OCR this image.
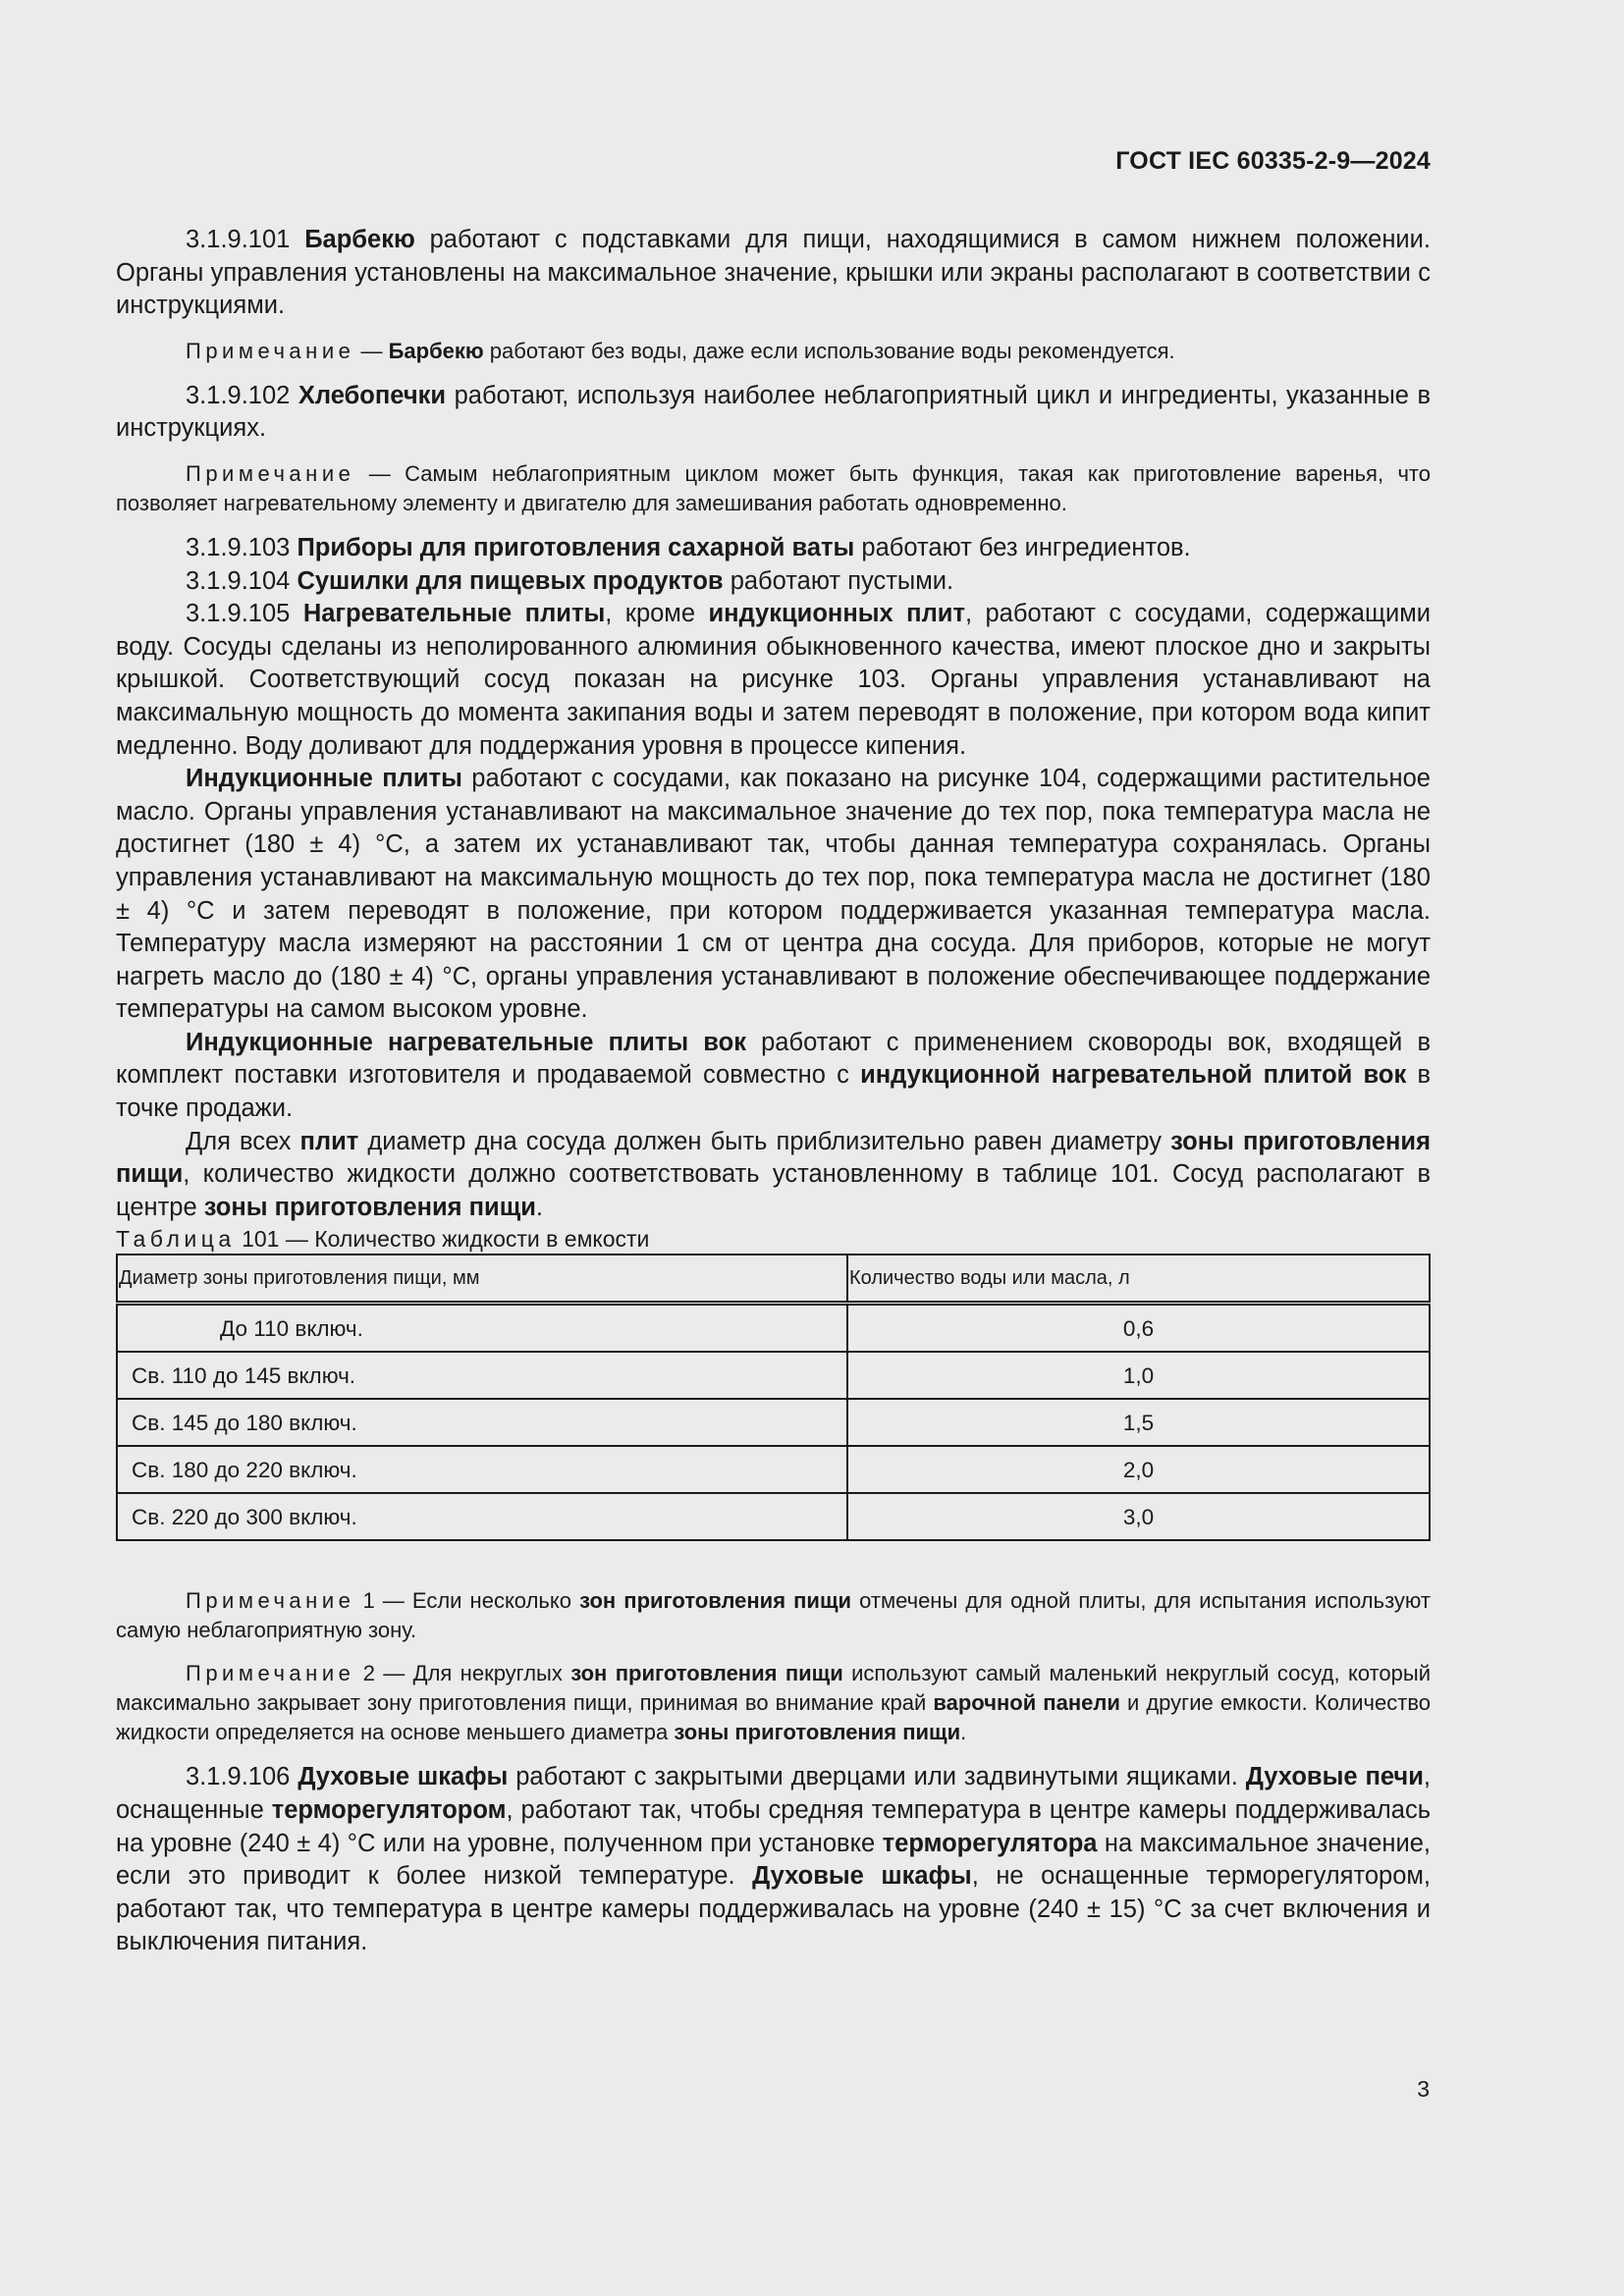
ГОСТ IEC 60335-2-9—2024

3.1.9.101 Барбекю работают с подставками для пищи, находящимися в самом нижнем положении. Органы управления установлены на максимальное значение, крышки или экраны располагают в соответствии с инструкциями.

Примечание — Барбекю работают без воды, даже если использование воды рекомендуется.

3.1.9.102 Хлебопечки работают, используя наиболее неблагоприятный цикл и ингредиенты, указанные в инструкциях.

Примечание — Самым неблагоприятным циклом может быть функция, такая как приготовление варенья, что позволяет нагревательному элементу и двигателю для замешивания работать одновременно.

3.1.9.103 Приборы для приготовления сахарной ваты работают без ингредиентов.

3.1.9.104 Сушилки для пищевых продуктов работают пустыми.

3.1.9.105 Нагревательные плиты, кроме индукционных плит, работают с сосудами, содержащими воду. Сосуды сделаны из неполированного алюминия обыкновенного качества, имеют плоское дно и закрыты крышкой. Соответствующий сосуд показан на рисунке 103. Органы управления устанавливают на максимальную мощность до момента закипания воды и затем переводят в положение, при котором вода кипит медленно. Воду доливают для поддержания уровня в процессе кипения.

Индукционные плиты работают с сосудами, как показано на рисунке 104, содержащими растительное масло. Органы управления устанавливают на максимальное значение до тех пор, пока температура масла не достигнет (180 ± 4) °С, а затем их устанавливают так, чтобы данная температура сохранялась. Органы управления устанавливают на максимальную мощность до тех пор, пока температура масла не достигнет (180 ± 4) °С и затем переводят в положение, при котором поддерживается указанная температура масла. Температуру масла измеряют на расстоянии 1 см от центра дна сосуда. Для приборов, которые не могут нагреть масло до (180 ± 4) °С, органы управления устанавливают в положение обеспечивающее поддержание температуры на самом высоком уровне.

Индукционные нагревательные плиты вок работают с применением сковороды вок, входящей в комплект поставки изготовителя и продаваемой совместно с индукционной нагревательной плитой вок в точке продажи.

Для всех плит диаметр дна сосуда должен быть приблизительно равен диаметру зоны приготовления пищи, количество жидкости должно соответствовать установленному в таблице 101. Сосуд располагают в центре зоны приготовления пищи.

Таблица 101 — Количество жидкости в емкости

Диаметр зоны приготовления пищи, мм	Количество воды или масла, л
До 110 включ.	0,6
Св. 110 до 145 включ.	1,0
Св. 145 до 180 включ.	1,5
Св. 180 до 220 включ.	2,0
Св. 220 до 300 включ.	3,0

Примечание 1 — Если несколько зон приготовления пищи отмечены для одной плиты, для испытания используют самую неблагоприятную зону.

Примечание 2 — Для некруглых зон приготовления пищи используют самый маленький некруглый сосуд, который максимально закрывает зону приготовления пищи, принимая во внимание край варочной панели и другие емкости. Количество жидкости определяется на основе меньшего диаметра зоны приготовления пищи.

3.1.9.106 Духовые шкафы работают с закрытыми дверцами или задвинутыми ящиками. Духовые печи, оснащенные терморегулятором, работают так, чтобы средняя температура в центре камеры поддерживалась на уровне (240 ± 4) °С или на уровне, полученном при установке терморегулятора на максимальное значение, если это приводит к более низкой температуре. Духовые шкафы, не оснащенные терморегулятором, работают так, что температура в центре камеры поддерживалась на уровне (240 ± 15) °С за счет включения и выключения питания.

3
